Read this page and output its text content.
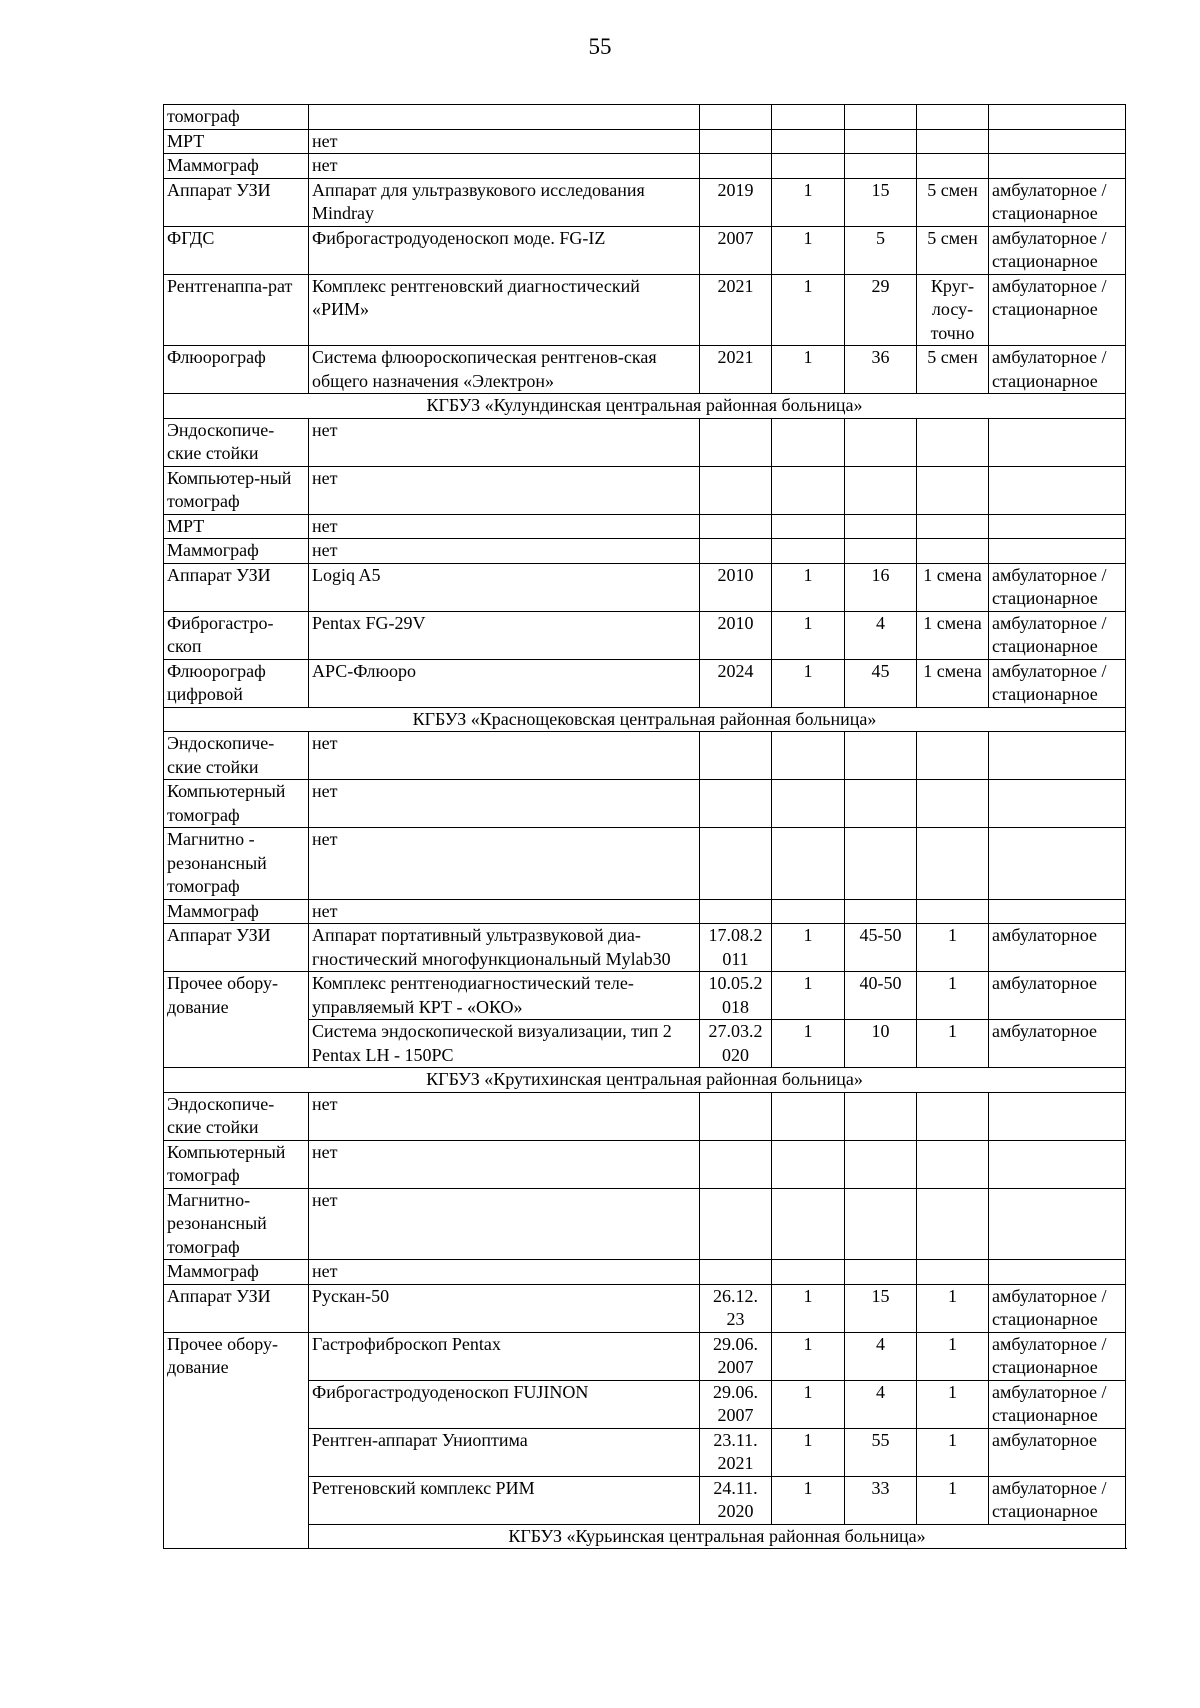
55
томограф						
МРТ	нет					
Маммограф	нет					
Аппарат УЗИ	Аппарат для ультразвукового исследования Mindray	2019	1	15	5 смен	амбулаторное / стационарное
ФГДС	Фиброгастродуоденоскоп моде. FG-IZ	2007	1	5	5 смен	амбулаторное / стационарное
Рентгенаппа-рат	Комплекс рентгеновский диагностический «РИМ»	2021	1	29	Круг-лосу-точно	амбулаторное / стационарное
Флюорограф	Система флюороскопическая рентгенов-ская общего назначения «Электрон»	2021	1	36	5 смен	амбулаторное / стационарное
КГБУЗ «Кулундинская центральная районная больница»						
Эндоскопиче-ские стойки	нет					
Компьютер-ный томограф	нет					
МРТ	нет					
Маммограф	нет					
Аппарат УЗИ	Logiq A5	2010	1	16	1 смена	амбулаторное / стационарное
Фиброгастро-скоп	Pentax FG-29V	2010	1	4	1 смена	амбулаторное / стационарное
Флюорограф цифровой	АРС-Флюоро	2024	1	45	1 смена	амбулаторное / стационарное
КГБУЗ «Краснощековская центральная районная больница»						
Эндоскопиче-ские стойки	нет					
Компьютерный томограф	нет					
Магнитно - резонансный томограф	нет					
Маммограф	нет					
Аппарат УЗИ	Аппарат портативный ультразвуковой диа-гностический многофункциональный Mylab30	17.08.2 011	1	45-50	1	амбулаторное
Прочее обору-дование	Комплекс рентгенодиагностический теле-управляемый КРТ - «ОКО»	10.05.2 018	1	40-50	1	амбулаторное
	Система эндоскопической визуализации, тип 2 Pentax LH - 150PC	27.03.2 020	1	10	1	амбулаторное
КГБУЗ «Крутихинская центральная районная больница»						
Эндоскопиче-ские стойки	нет					
Компьютерный томограф	нет					
Магнитно-резонансный томограф	нет					
Маммограф	нет					
Аппарат УЗИ	Рускан-50	26.12. 23	1	15	1	амбулаторное / стационарное
Прочее обору-дование	Гастрофиброскоп Pentax	29.06. 2007	1	4	1	амбулаторное / стационарное
	Фиброгастродуоденоскоп FUJINON	29.06. 2007	1	4	1	амбулаторное / стационарное
	Рентген-аппарат Униоптима	23.11. 2021	1	55	1	амбулаторное
	Ретгеновский комплекс РИМ	24.11. 2020	1	33	1	амбулаторное / стационарное
	КГБУЗ «Курьинская центральная районная больница»					
